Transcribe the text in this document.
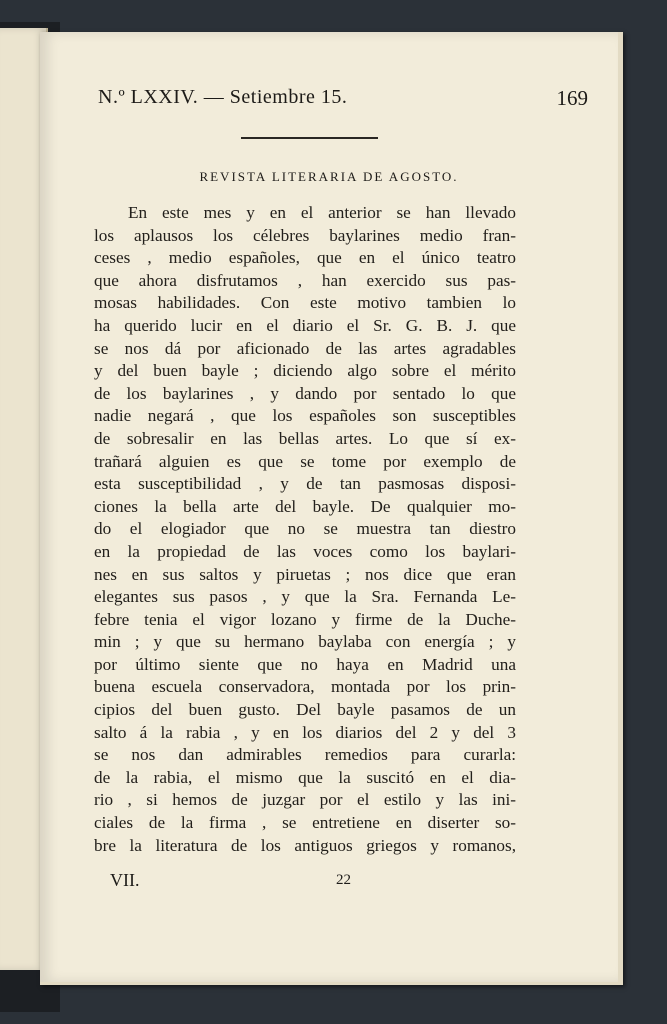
N.º LXXIV. — Setiembre 15.	169
REVISTA LITERARIA DE AGOSTO.
En este mes y en el anterior se han llevado
los aplausos los célebres baylarines medio fran-
ceses , medio españoles, que en el único teatro
que ahora disfrutamos , han exercido sus pas-
mosas habilidades. Con este motivo tambien lo
ha querido lucir en el diario el Sr. G. B. J. que
se nos dá por aficionado de las artes agradables
y del buen bayle ; diciendo algo sobre el mérito
de los baylarines , y dando por sentado lo que
nadie negará , que los españoles son susceptibles
de sobresalir en las bellas artes. Lo que sí ex-
trañará alguien es que se tome por exemplo de
esta susceptibilidad , y de tan pasmosas disposi-
ciones la bella arte del bayle. De qualquier mo-
do el elogiador que no se muestra tan diestro
en la propiedad de las voces como los baylari-
nes en sus saltos y piruetas ; nos dice que eran
elegantes sus pasos , y que la Sra. Fernanda Le-
febre tenia el vigor lozano y firme de la Duche-
min ; y que su hermano baylaba con energía ; y
por último siente que no haya en Madrid una
buena escuela conservadora, montada por los prin-
cipios del buen gusto. Del bayle pasamos de un
salto á la rabia , y en los diarios del 2 y del 3
se nos dan admirables remedios para curarla:
de la rabia, el mismo que la suscitó en el dia-
rio , si hemos de juzgar por el estilo y las ini-
ciales de la firma , se entretiene en diserter so-
bre la literatura de los antiguos griegos y romanos,
VII.	22
